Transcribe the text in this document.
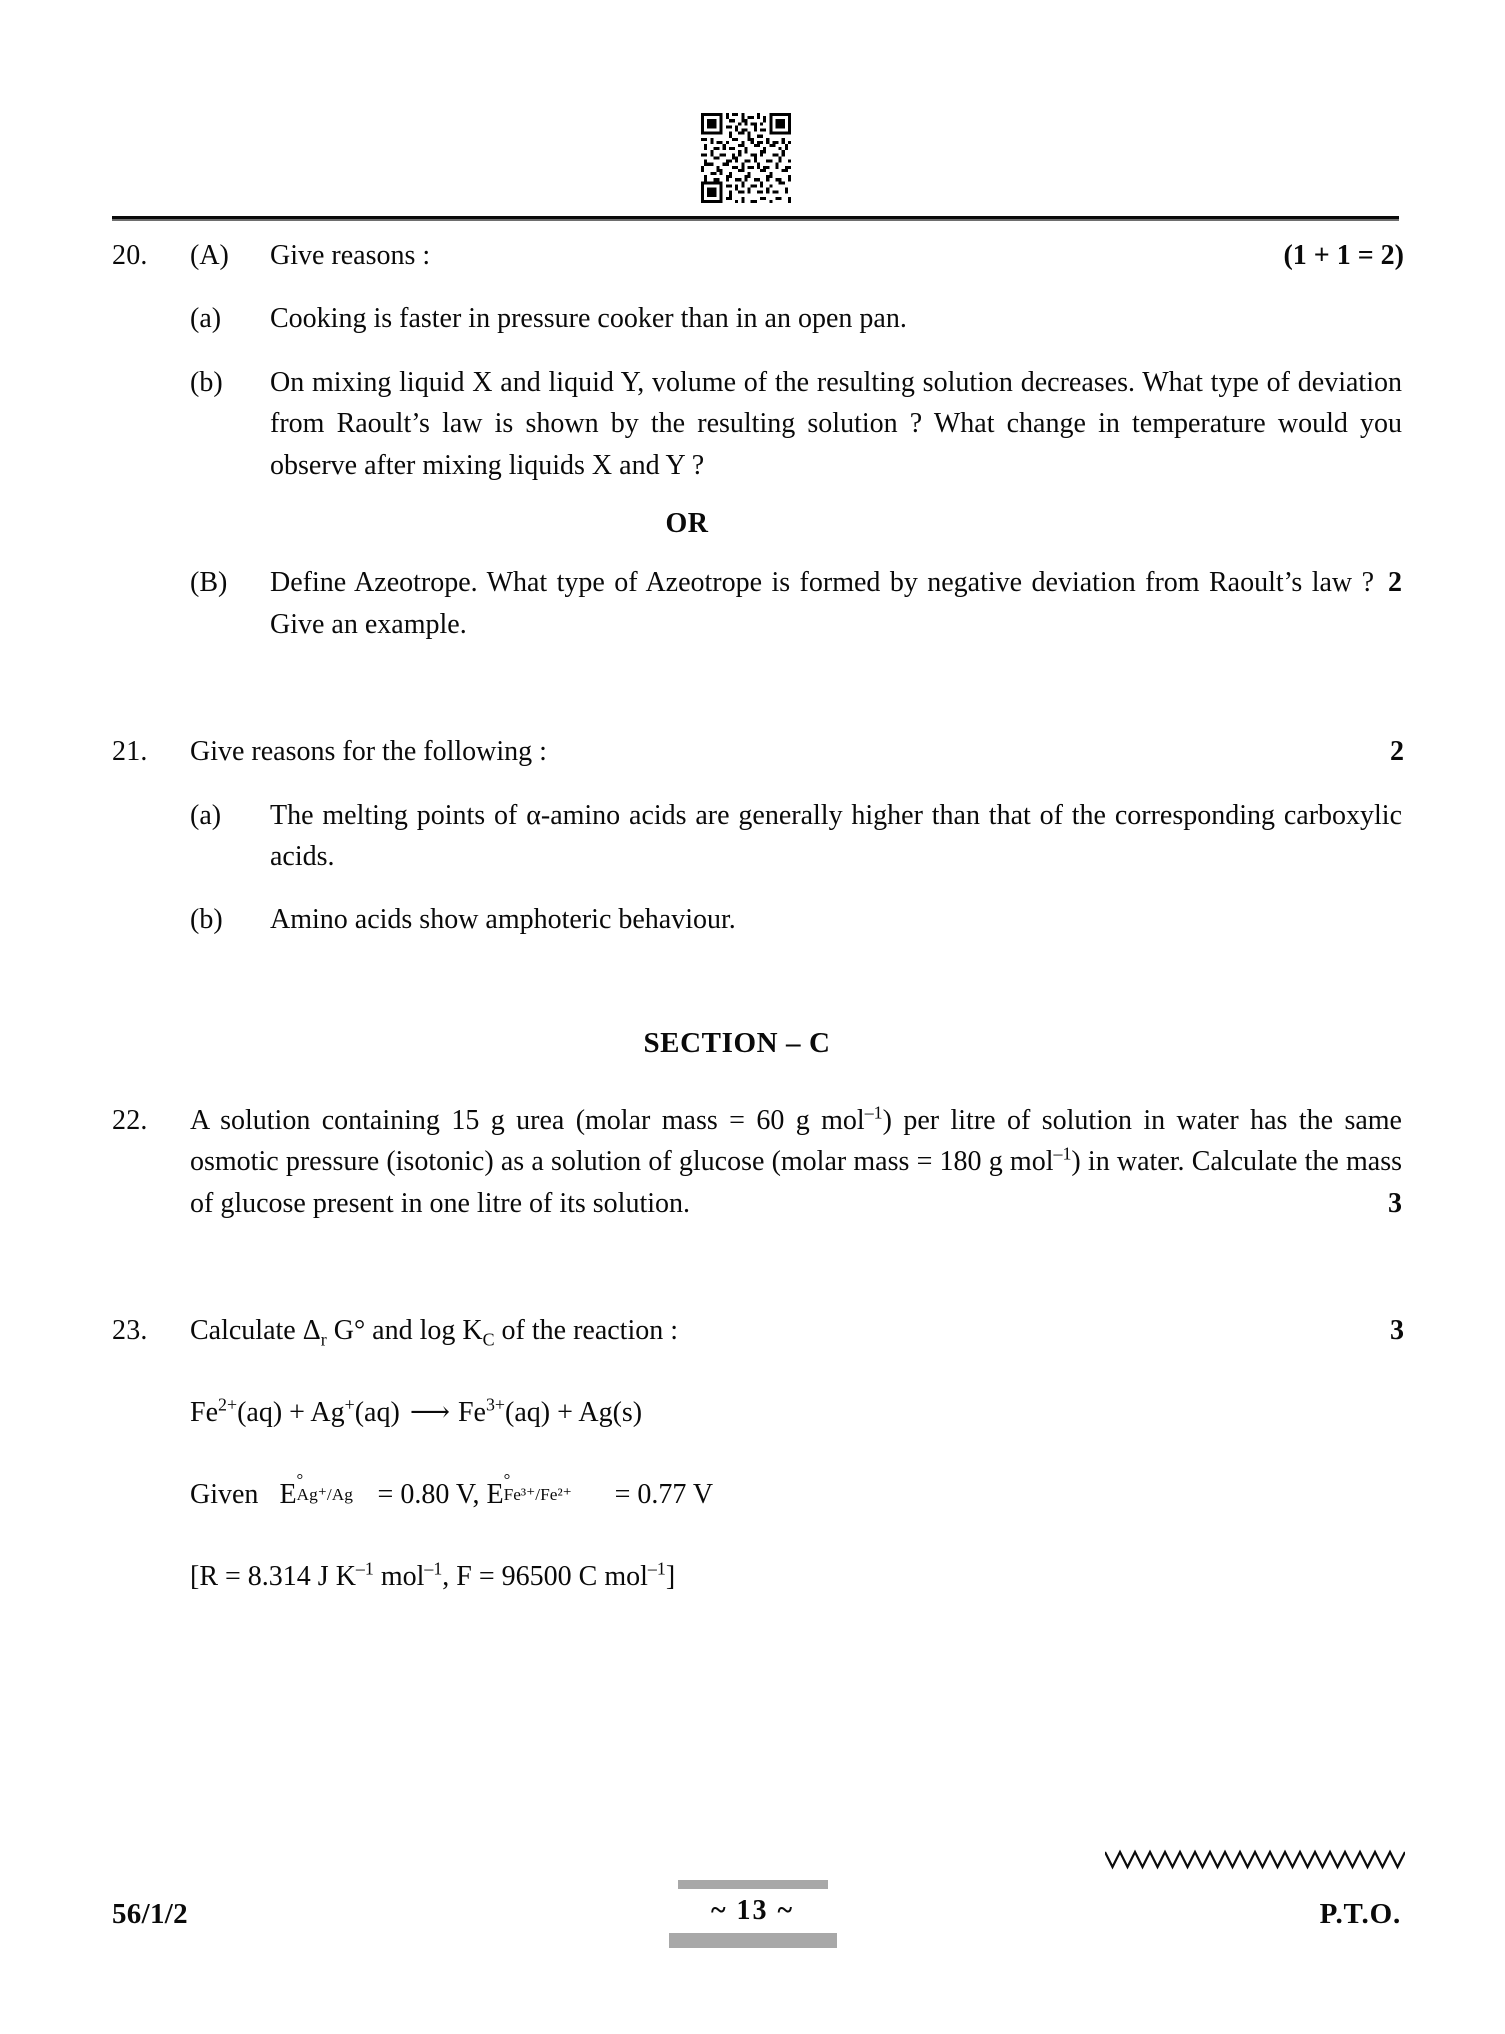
20.	(A)	Give reasons :	(1 + 1 = 2)
(a)	Cooking is faster in pressure cooker than in an open pan.
(b)	On mixing liquid X and liquid Y, volume of the resulting solution decreases. What type of deviation from Raoult’s law is shown by the resulting solution ? What change in temperature would you observe after mixing liquids X and Y ?
OR
(B)	2
Define Azeotrope. What type of Azeotrope is formed by negative deviation from Raoult’s law ? Give an example.
21.	Give reasons for the following :	2
(a)	The melting points of α-amino acids are generally higher than that of the corresponding carboxylic acids.
(b)	Amino acids show amphoteric behaviour.
SECTION – C
22.	A solution containing 15 g urea (molar mass = 60 g mol$^{-1}$) per litre of solution in water has the same osmotic pressure (isotonic) as a solution of glucose (molar mass = 180 g mol$^{-1}$) in water. Calculate the mass of glucose present in one litre of its solution.	3
23.	Calculate $\Delta_r$ G° and $\log K_C$ of the reaction :	3
$Fe^{2+}(aq) + Ag^+(aq)$ ⟶ $Fe^{3+}(aq) + Ag(s)$
Given E °
Ag⁺/Ag = 0.80 V, E °
Fe³⁺/Fe²⁺ = 0.77 V
[R = 8.314 J $K^{-1}$ mol$^{-1}$, F = 96500 C mol$^{-1}$]
56/1/2	~ 13 ~	P.T.O.
